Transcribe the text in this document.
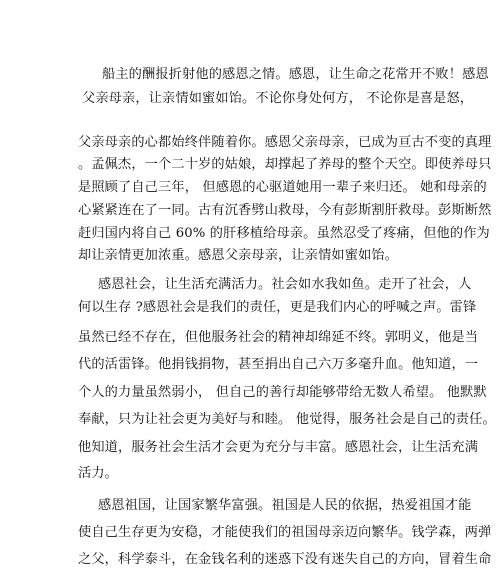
船主的酬报折射他的感恩之情。感恩，让生命之花常开不败！感恩
父亲母亲，让亲情如蜜如饴。不论你身处何方， 不论你是喜是怒，
父亲母亲的心都始终伴随着你。感恩父亲母亲，已成为亘古不变的真理
。孟佩杰，一个二十岁的姑娘，却撑起了养母的整个天空。即使养母只
是照顾了自己三年， 但感恩的心驱道她用一辈子来归还。 她和母亲的
心紧紧连在了一同。古有沉香劈山救母，今有彭斯割肝救母。彭斯断然
赶归国内将自己 60% 的肝移植给母亲。虽然忍受了疼痛，但他的作为
却让亲情更加浓重。感恩父亲母亲，让亲情如蜜如饴。
感恩社会，让生活充满活力。社会如水我如鱼。走开了社会，人
何以生存 ?感恩社会是我们的责任，更是我们内心的呼喊之声。雷锋
虽然已经不存在，但他服务社会的精神却绵延不终。郭明义，他是当
代的活雷锋。他捐钱捐物，甚至捐出自己六万多毫升血。他知道，一
个人的力量虽然弱小， 但自己的善行却能够带给无数人希望。 他默默
奉献，只为让社会更为美好与和睦。 他觉得，服务社会是自己的责任。
他知道，服务社会生活才会更为充分与丰富。感恩社会，让生活充满
活力。
感恩祖国，让国家繁华富强。祖国是人民的依据，热爱祖国才能
使自己生存更为安稳，才能使我们的祖国母亲迈向繁华。钱学森，两弹
之父，科学泰斗，在金钱名利的迷惑下没有迷失自己的方向，冒着生命
